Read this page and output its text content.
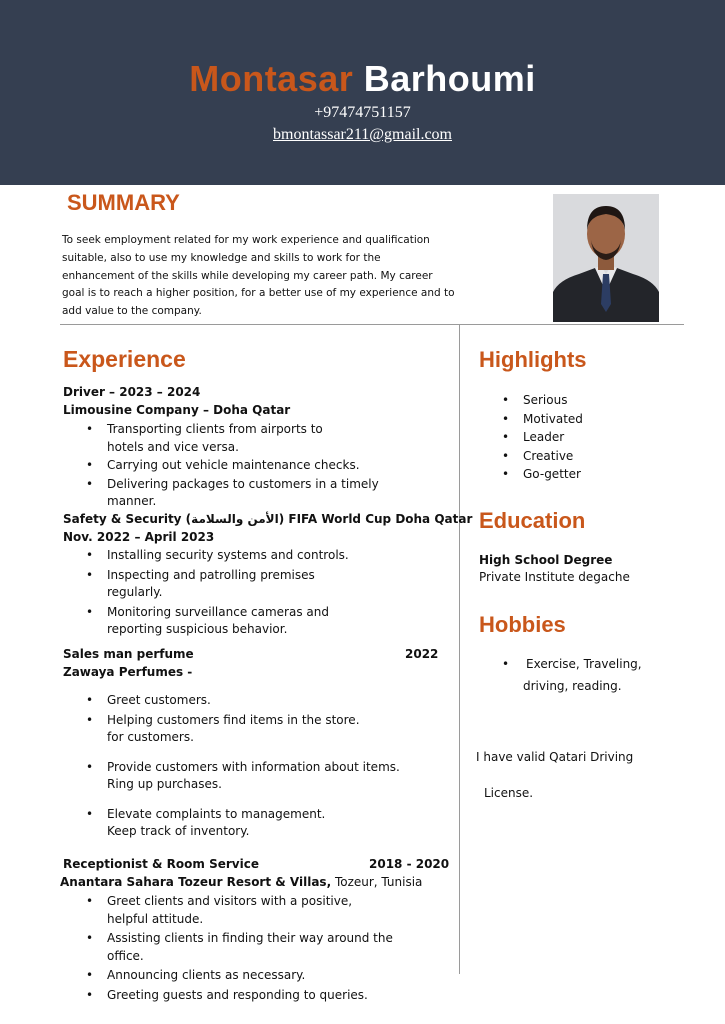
Montasar Barhoumi
+97474751157
bmontassar211@gmail.com
SUMMARY
To seek employment related for my work experience and qualification
suitable, also to use my knowledge and skills to work for the
enhancement of the skills while developing my career path. My career
goal is to reach a higher position, for a better use of my experience and to
add value to the company.
Experience
Driver – 2023 – 2024
Limousine Company – Doha Qatar
• Transporting clients from airports to
hotels and vice versa.
• Carrying out vehicle maintenance checks.
• Delivering packages to customers in a timely
manner.
Safety & Security (الأمن والسلامة) FIFA World Cup Doha Qatar
Nov. 2022 – April 2023
• Installing security systems and controls.
• Inspecting and patrolling premises
regularly.
• Monitoring surveillance cameras and
reporting suspicious behavior.
Sales man perfume	2022
Zawaya Perfumes -
• Greet customers.
• Helping customers find items in the store.
for customers.
• Provide customers with information about items.
Ring up purchases.
• Elevate complaints to management.
Keep track of inventory.
Receptionist & Room Service	2018 - 2020
Anantara Sahara Tozeur Resort & Villas, Tozeur, Tunisia
• Greet clients and visitors with a positive,
helpful attitude.
• Assisting clients in finding their way around the
office.
• Announcing clients as necessary.
• Greeting guests and responding to queries.
Highlights
• Serious
• Motivated
• Leader
• Creative
• Go-getter
Education
High School Degree
Private Institute degache
Hobbies
• Exercise, Traveling,
driving, reading.
I have valid Qatari Driving
License.
